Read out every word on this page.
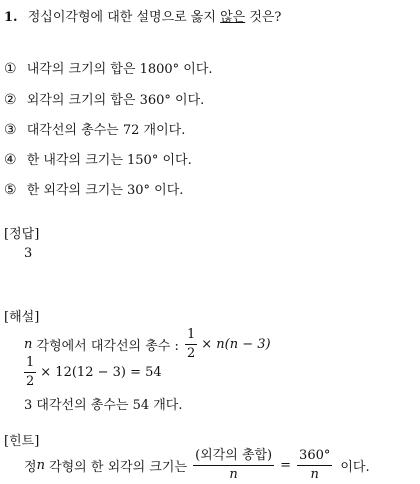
1. 정십이각형에 대한 설명으로 옳지 않은 것은?
① 내각의 크기의 합은 1800° 이다.
② 외각의 크기의 합은 360° 이다.
③ 대각선의 총수는 72 개이다.
④ 한 내각의 크기는 150° 이다.
⑤ 한 외각의 크기는 30° 이다.
[정답]
3
[해설]
n 각형에서 대각선의 총수 : $\frac{1}{2} \times n(n - 3)$
$\frac{1}{2} \times 12(12 - 3) = 54$
3 대각선의 총수는 54 개다.
[힌트]
정 n 각형의 한 외각의 크기는 $\frac{\text{(외각의 총합)}}{n} = \frac{360^\circ}{n}$ 이다.
